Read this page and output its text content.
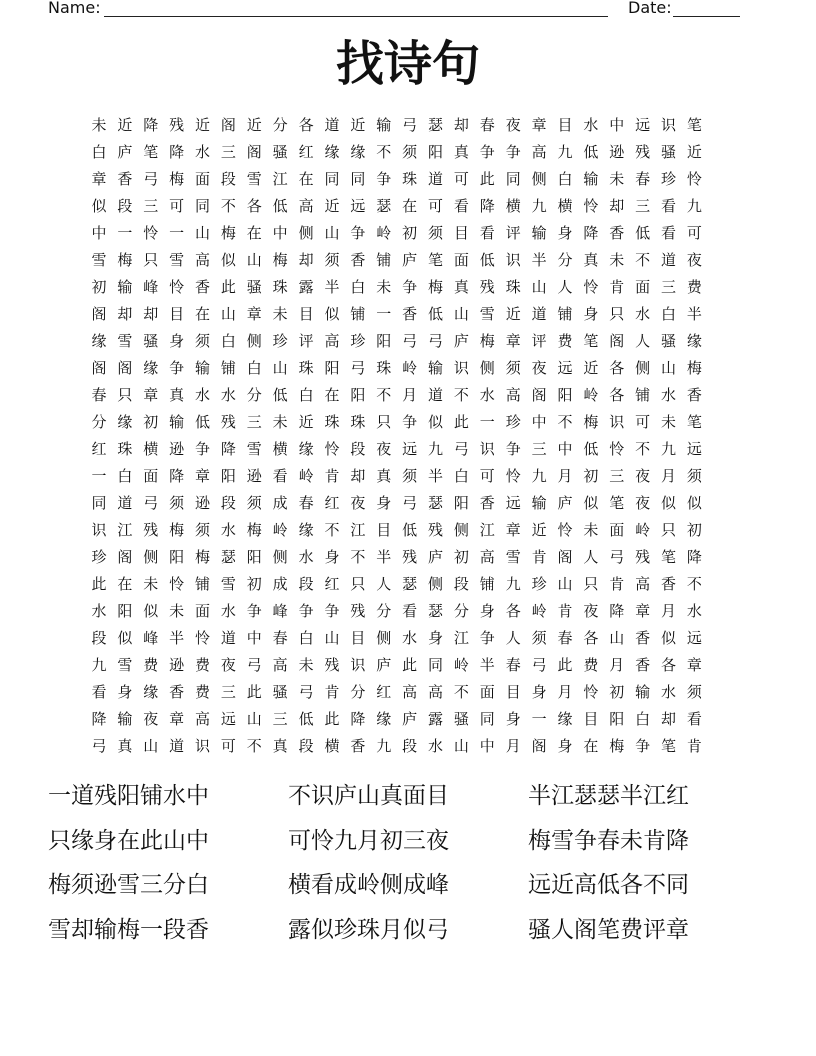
Name:	Date:
找诗句
未 近 降 残 近 阁 近 分 各 道 近 输 弓 瑟 却 春 夜 章 目 水 中 远 识 笔
白 庐 笔 降 水 三 阁 骚 红 缘 缘 不 须 阳 真 争 争 高 九 低 逊 残 骚 近
章 香 弓 梅 面 段 雪 江 在 同 同 争 珠 道 可 此 同 侧 白 输 未 春 珍 怜
似 段 三 可 同 不 各 低 高 近 远 瑟 在 可 看 降 横 九 横 怜 却 三 看 九
中 一 怜 一 山 梅 在 中 侧 山 争 岭 初 须 目 看 评 输 身 降 香 低 看 可
雪 梅 只 雪 高 似 山 梅 却 须 香 铺 庐 笔 面 低 识 半 分 真 未 不 道 夜
初 输 峰 怜 香 此 骚 珠 露 半 白 未 争 梅 真 残 珠 山 人 怜 肯 面 三 费
阁 却 却 目 在 山 章 未 目 似 铺 一 香 低 山 雪 近 道 铺 身 只 水 白 半
缘 雪 骚 身 须 白 侧 珍 评 高 珍 阳 弓 弓 庐 梅 章 评 费 笔 阁 人 骚 缘
阁 阁 缘 争 输 铺 白 山 珠 阳 弓 珠 岭 输 识 侧 须 夜 远 近 各 侧 山 梅
春 只 章 真 水 水 分 低 白 在 阳 不 月 道 不 水 高 阁 阳 岭 各 铺 水 香
分 缘 初 输 低 残 三 未 近 珠 珠 只 争 似 此 一 珍 中 不 梅 识 可 未 笔
红 珠 横 逊 争 降 雪 横 缘 怜 段 夜 远 九 弓 识 争 三 中 低 怜 不 九 远
一 白 面 降 章 阳 逊 看 岭 肯 却 真 须 半 白 可 怜 九 月 初 三 夜 月 须
同 道 弓 须 逊 段 须 成 春 红 夜 身 弓 瑟 阳 香 远 输 庐 似 笔 夜 似 似
识 江 残 梅 须 水 梅 岭 缘 不 江 目 低 残 侧 江 章 近 怜 未 面 岭 只 初
珍 阁 侧 阳 梅 瑟 阳 侧 水 身 不 半 残 庐 初 高 雪 肯 阁 人 弓 残 笔 降
此 在 未 怜 铺 雪 初 成 段 红 只 人 瑟 侧 段 铺 九 珍 山 只 肯 高 香 不
水 阳 似 未 面 水 争 峰 争 争 残 分 看 瑟 分 身 各 岭 肯 夜 降 章 月 水
段 似 峰 半 怜 道 中 春 白 山 目 侧 水 身 江 争 人 须 春 各 山 香 似 远
九 雪 费 逊 费 夜 弓 高 未 残 识 庐 此 同 岭 半 春 弓 此 费 月 香 各 章
看 身 缘 香 费 三 此 骚 弓 肯 分 红 高 高 不 面 目 身 月 怜 初 输 水 须
降 输 夜 章 高 远 山 三 低 此 降 缘 庐 露 骚 同 身 一 缘 目 阳 白 却 看
弓 真 山 道 识 可 不 真 段 横 香 九 段 水 山 中 月 阁 身 在 梅 争 笔 肯
一道残阳铺水中	不识庐山真面目	半江瑟瑟半江红
只缘身在此山中	可怜九月初三夜	梅雪争春未肯降
梅须逊雪三分白	横看成岭侧成峰	远近高低各不同
雪却输梅一段香	露似珍珠月似弓	骚人阁笔费评章
